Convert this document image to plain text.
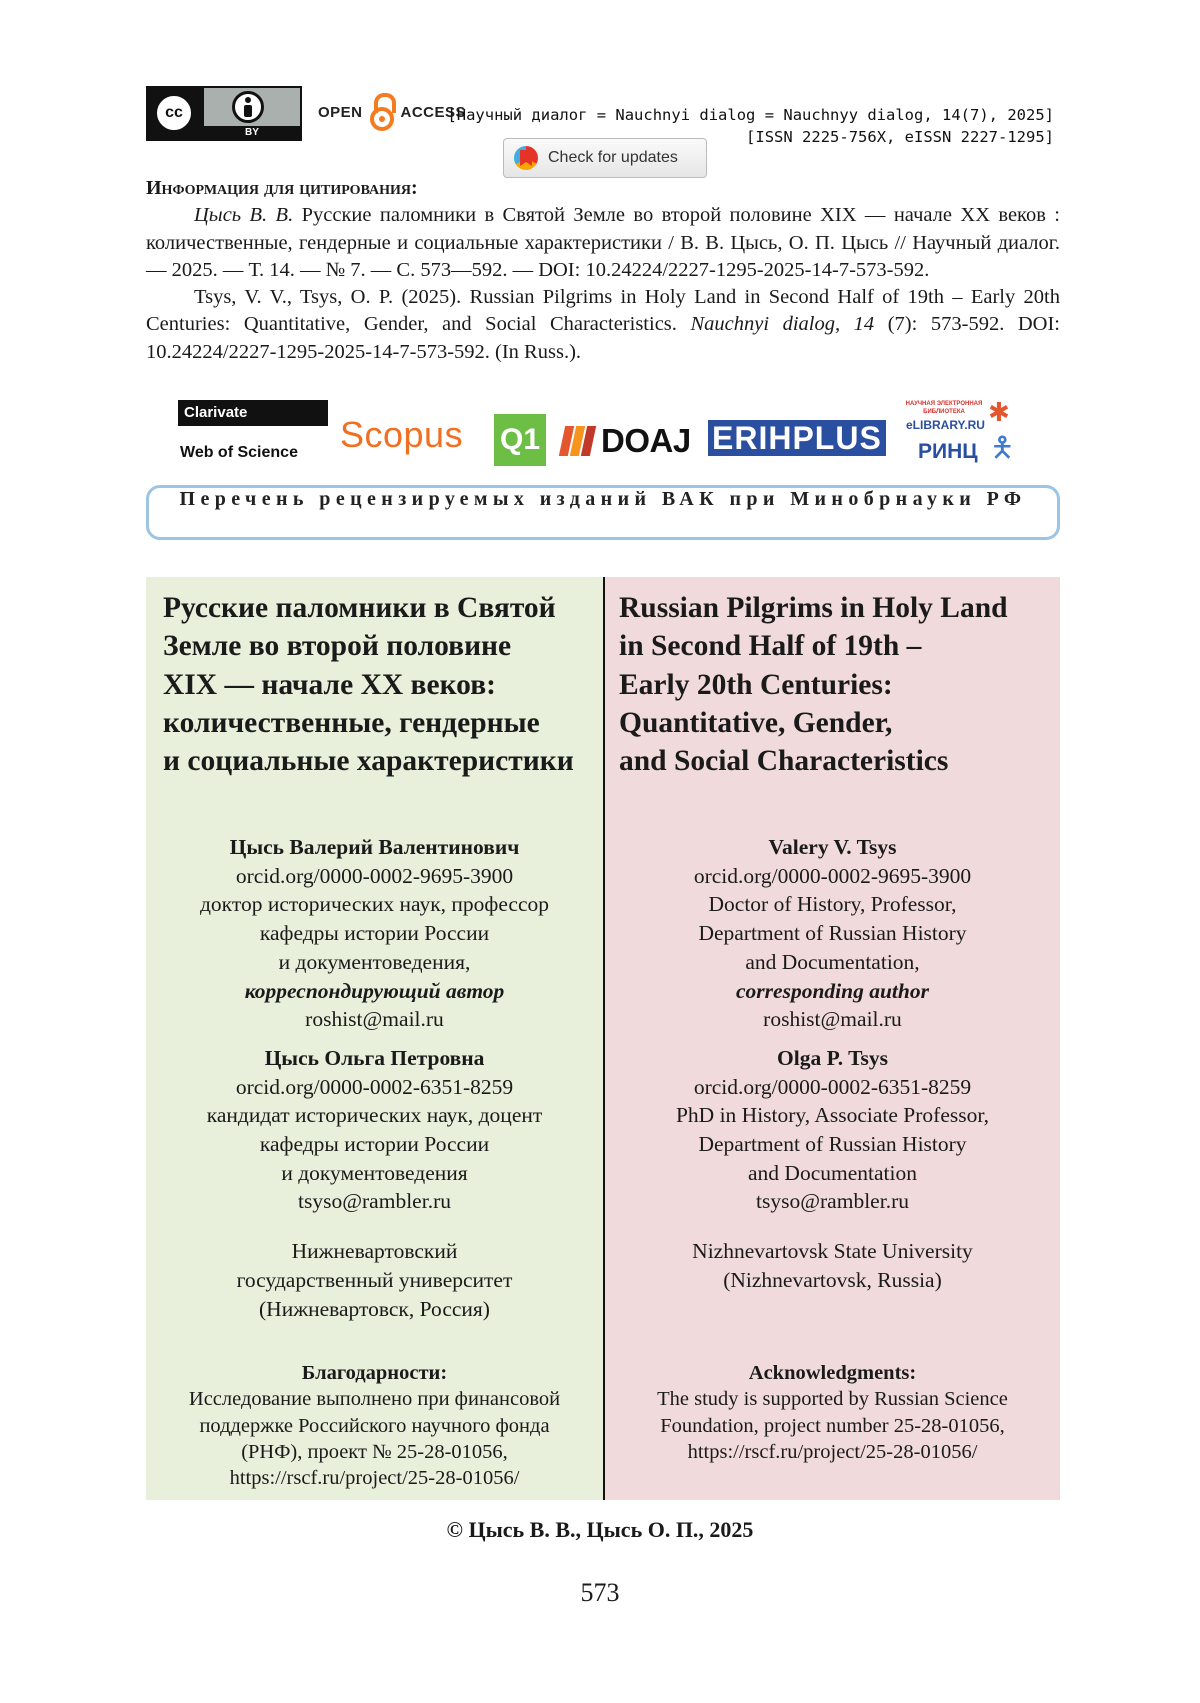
cc
BY
OPEN	ACCESS
[Научный диалог = Nauchnyi dialog = Nauchnyy dialog, 14(7), 2025]
[ISSN 2225-756X, eISSN 2227-1295]
Check for updates

Информация для цитирования:

Цысь В. В. Русские паломники в Святой Земле во второй половине XIX — начале XX веков : количественные, гендерные и социальные характеристики / В. В. Цысь, О. П. Цысь // Научный диалог. — 2025. — Т. 14. — № 7. — С. 573—592. — DOI: 10.24224/2227-1295-2025-14-7-573-592.

Tsys, V. V., Tsys, O. P. (2025). Russian Pilgrims in Holy Land in Second Half of 19th – Early 20th Centuries: Quantitative, Gender, and Social Characteristics. Nauchnyi dialog, 14 (7): 573-592. DOI: 10.24224/2227-1295-2025-14-7-573-592. (In Russ.).

Clarivate
Web of Science Scopus Q1 DOAJ ERIHPLUS
НАУЧНАЯ ЭЛЕКТРОННАЯ БИБЛИОТЕКА
eLIBRARY.RU
РИНЦ
✱
🯅
Перечень рецензируемых изданий ВАК при Минобрнауки РФ
Русские паломники в Святой
Земле во второй половине
XIX — начале XX веков:
количественные, гендерные
и социальные характеристики
Цысь Валерий Валентинович
orcid.org/0000-0002-9695-3900
доктор исторических наук, профессор
кафедры истории России
и документоведения,
корреспондирующий автор
roshist@mail.ru
Цысь Ольга Петровна
orcid.org/0000-0002-6351-8259
кандидат исторических наук, доцент
кафедры истории России
и документоведения
tsyso@rambler.ru
Нижневартовский
государственный университет
(Нижневартовск, Россия)
Благодарности:
Исследование выполнено при финансовой
поддержке Российского научного фонда
(РНФ), проект № 25-28-01056,
https://rscf.ru/project/25-28-01056/
Russian Pilgrims in Holy Land
in Second Half of 19th –
Early 20th Centuries:
Quantitative, Gender,
and Social Characteristics
Valery V. Tsys
orcid.org/0000-0002-9695-3900
Doctor of History, Professor,
Department of Russian History
and Documentation,
corresponding author
roshist@mail.ru
Olga P. Tsys
orcid.org/0000-0002-6351-8259
PhD in History, Associate Professor,
Department of Russian History
and Documentation
tsyso@rambler.ru
Nizhnevartovsk State University
(Nizhnevartovsk, Russia)
Acknowledgments:
The study is supported by Russian Science
Foundation, project number 25-28-01056,
https://rscf.ru/project/25-28-01056/
© Цысь В. В., Цысь О. П., 2025
573
